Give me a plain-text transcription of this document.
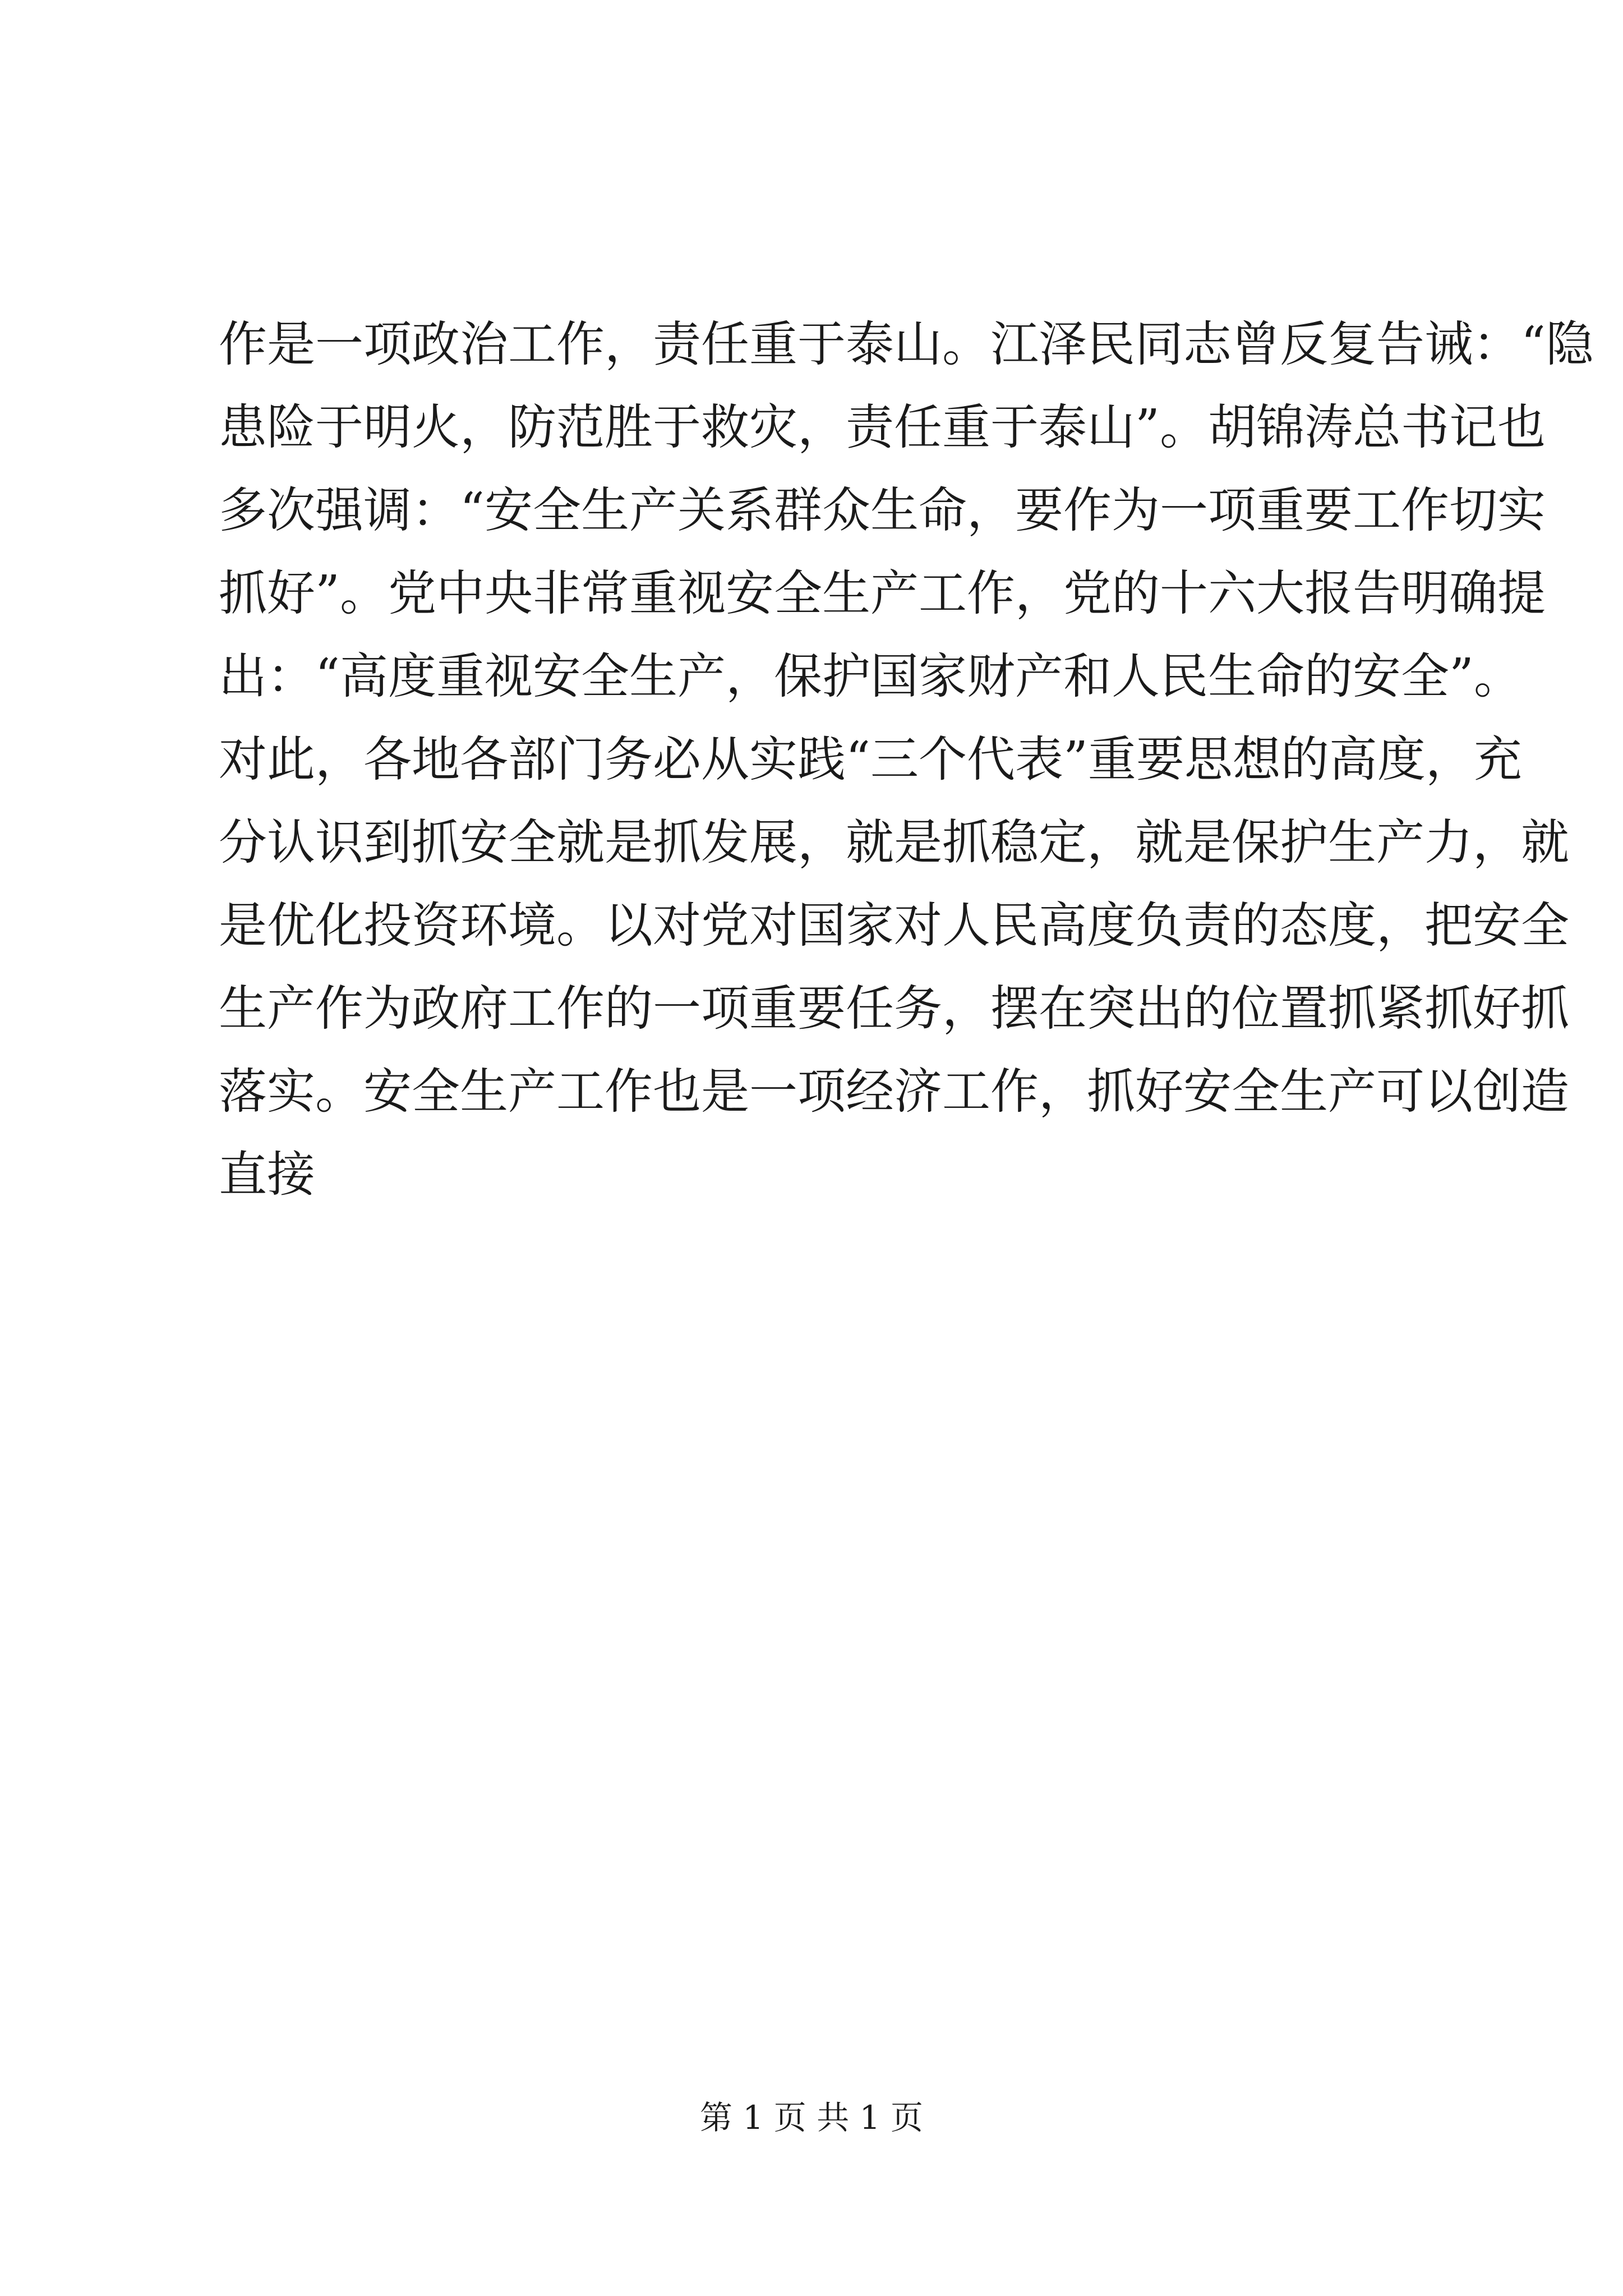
作是一项政治工作，责任重于泰山。江泽民同志曾反复告诫：“隐
患险于明火，防范胜于救灾，责任重于泰山”。胡锦涛总书记也
多次强调：“安全生产关系群众生命，要作为一项重要工作切实
抓好”。党中央非常重视安全生产工作，党的十六大报告明确提
出：“高度重视安全生产，保护国家财产和人民生命的安全”。
对此，各地各部门务必从实践“三个代表”重要思想的高度，充
分认识到抓安全就是抓发展，就是抓稳定，就是保护生产力，就
是优化投资环境。以对党对国家对人民高度负责的态度，把安全
生产作为政府工作的一项重要任务，摆在突出的位置抓紧抓好抓
落实。安全生产工作也是一项经济工作，抓好安全生产可以创造
直接
第 1 页 共 1 页
